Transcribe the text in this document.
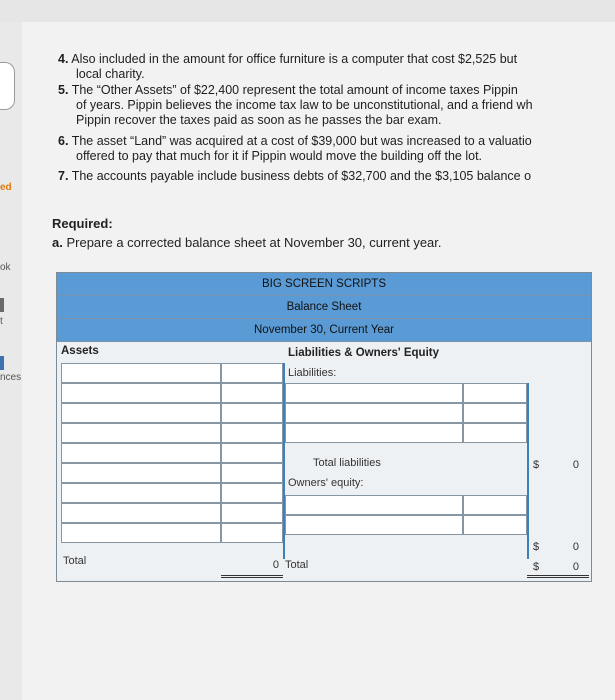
ed
ok
t
nces
4. Also included in the amount for office furniture is a computer that cost $2,525 but
local charity.
5. The “Other Assets” of $22,400 represent the total amount of income taxes Pippin
of years. Pippin believes the income tax law to be unconstitutional, and a friend wh
Pippin recover the taxes paid as soon as he passes the bar exam.
6. The asset “Land” was acquired at a cost of $39,000 but was increased to a valuatio
offered to pay that much for it if Pippin would move the building off the lot.
7. The accounts payable include business debts of $32,700 and the $3,105 balance o
Required:
a. Prepare a corrected balance sheet at November 30, current year.
BIG SCREEN SCRIPTS
Balance Sheet
November 30, Current Year
Assets	Liabilities & Owners' Equity
Liabilities:
Total liabilities	$	0
Owners' equity:
$	0
Total	0 Total	$	0
